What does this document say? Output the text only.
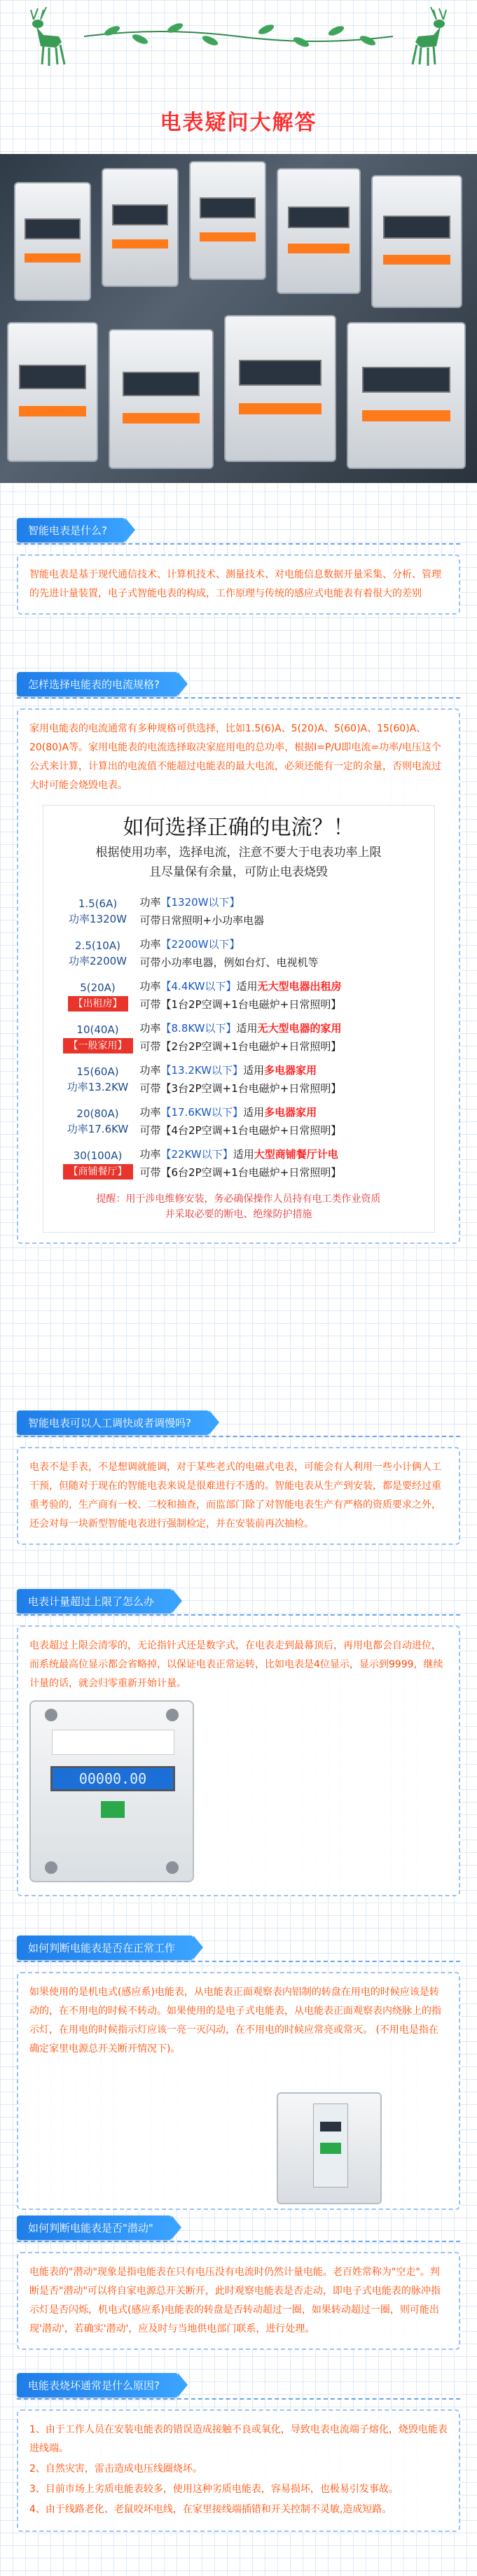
电表疑问大解答
智能电表是什么?
智能电表是基于现代通信技术、计算机技术、测量技术、对电能信息数据开量采集、分析、管理的先进计量装置，电子式智能电表的构成，工作原理与传统的感应式电能表有着很大的差别
怎样选择电能表的电流规格?
家用电能表的电流通常有多种规格可供选择，比如1.5(6)A、5(20)A、5(60)A、15(60)A、20(80)A等。家用电能表的电流选择取决家庭用电的总功率，根据I=P/U即电流=功率/电压这个公式来计算，计算出的电流值不能超过电能表的最大电流，必须还能有一定的余量，否则电流过大时可能会烧毁电表。
如何选择正确的电流？！
根据使用功率，选择电流，注意不要大于电表功率上限
且尽量保有余量，可防止电表烧毁
1.5(6A)
功率1320W
功率【1320W以下】
可带日常照明+小功率电器
2.5(10A)
功率2200W
功率【2200W以下】
可带小功率电器，例如台灯、电视机等
5(20A)
【出租房】
功率【4.4KW以下】适用无大型电器出租房
可带【1台2P空调+1台电磁炉+日常照明】
10(40A)
【一般家用】
功率【8.8KW以下】适用无大型电器的家用
可带【2台2P空调+1台电磁炉+日常照明】
15(60A)
功率13.2KW
功率【13.2KW以下】适用多电器家用
可带【3台2P空调+1台电磁炉+日常照明】
20(80A)
功率17.6KW
功率【17.6KW以下】适用多电器家用
可带【4台2P空调+1台电磁炉+日常照明】
30(100A)
【商铺餐厅】
功率【22KW以下】适用大型商铺餐厅计电
可带【6台2P空调+1台电磁炉+日常照明】
提醒：用于涉电维修安装，务必确保操作人员持有电工类作业资质
并采取必要的断电、绝缘防护措施
智能电表可以人工调快或者调慢吗?
电表不是手表，不是想调就能调，对于某些老式的电磁式电表，可能会有人利用一些小计俩人工干预，但随对于现在的智能电表来说是很难进行不透的。智能电表从生产到安装，都是要经过重重考验的，生产商有一校、二校和抽查，而监部门除了对智能电表生产有严格的资质要求之外，还会对每一块新型智能电表进行强制检定，并在安装前再次抽检。
电表计量超过上限了怎么办
电表超过上限会清零的，无论指针式还是数字式，在电表走到最幕顶后，再用电都会自动进位，而系统最高位显示都会省略掉，以保证电表正常运转，比如电表是4位显示，显示到9999，继续计量的话，就会归零重新开始计量。
00000.00
如何判断电能表是否在正常工作
如果使用的是机电式(感应系)电能表，从电能表正面观察表内铝制的转盘在用电的时候应该是转动的，在不用电的时候不转动。如果使用的是电子式电能表，从电能表正面观察表内绕脉上的指示灯，在用电的时候指示灯应该一亮一灭闪动，在不用电的时候应常亮或常灭。 (不用电是指在确定家里电源总开关断开情况下)。
如何判断电能表是否"潜动"
电能表的"潜动"现象是指电能表在只有电压没有电流时仍然计量电能。老百姓常称为"空走"。判断是否"潜动"可以将自家电源总开关断开，此时观察电能表是否走动，即电子式电能表的脉冲指示灯是否闪烁，机电式(感应系)电能表的转盘是否转动超过一圈，如果转动超过一圈，则可能出现'潜动'，若确实'潜动'，应及时与当地供电部门联系，进行处理。
电能表烧坏通常是什么原因?

1、由于工作人员在安装电能表的错误造成接触不良或氧化，导致电表电流端子熔化，烧毁电能表进线端。

2、自然灾害，雷击造成电压线圈烧坏。

3、目前市场上劣质电能表较多，使用这种劣质电能表，容易损坏，也极易引发事故。

4、由于线路老化、老鼠咬坏电线，在家里接线端插错和开关控制不灵敏,造成短路。
